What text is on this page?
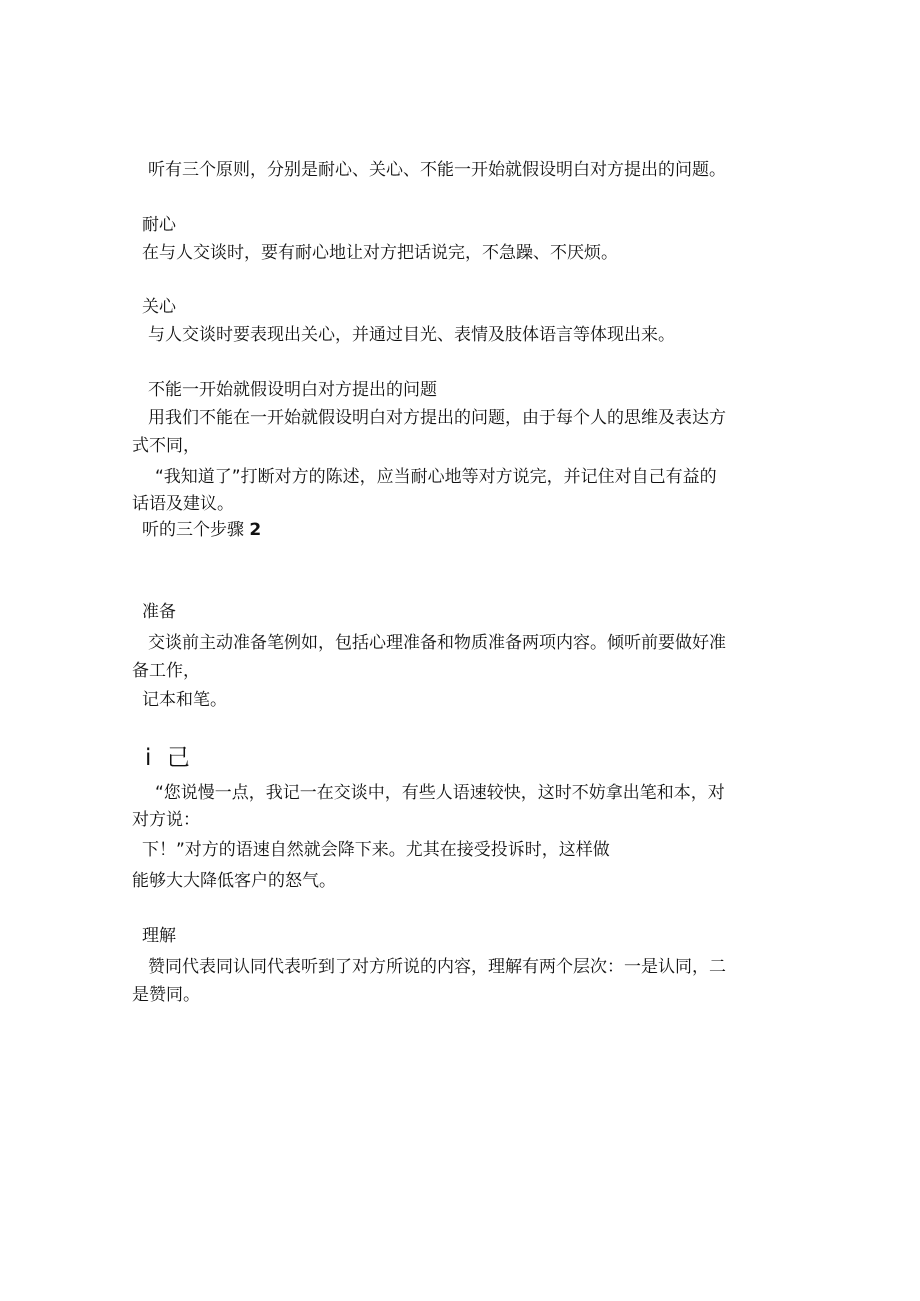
听有三个原则，分别是耐心、关心、不能一开始就假设明白对方提出的问题。
耐心
在与人交谈时，要有耐心地让对方把话说完，不急躁、不厌烦。
关心
与人交谈时要表现出关心，并通过目光、表情及肢体语言等体现出来。
不能一开始就假设明白对方提出的问题
用我们不能在一开始就假设明白对方提出的问题，由于每个人的思维及表达方
式不同，
“我知道了”打断对方的陈述，应当耐心地等对方说完，并记住对自己有益的
话语及建议。
听的三个步骤 2
准备
交谈前主动准备笔例如，包括心理准备和物质准备两项内容。倾听前要做好准
备工作，
记本和笔。
i 己
“您说慢一点，我记一在交谈中，有些人语速较快，这时不妨拿出笔和本，对
对方说：
下！”对方的语速自然就会降下来。尤其在接受投诉时，这样做
能够大大降低客户的怒气。
理解
赞同代表同认同代表听到了对方所说的内容，理解有两个层次：一是认同，二
是赞同。
